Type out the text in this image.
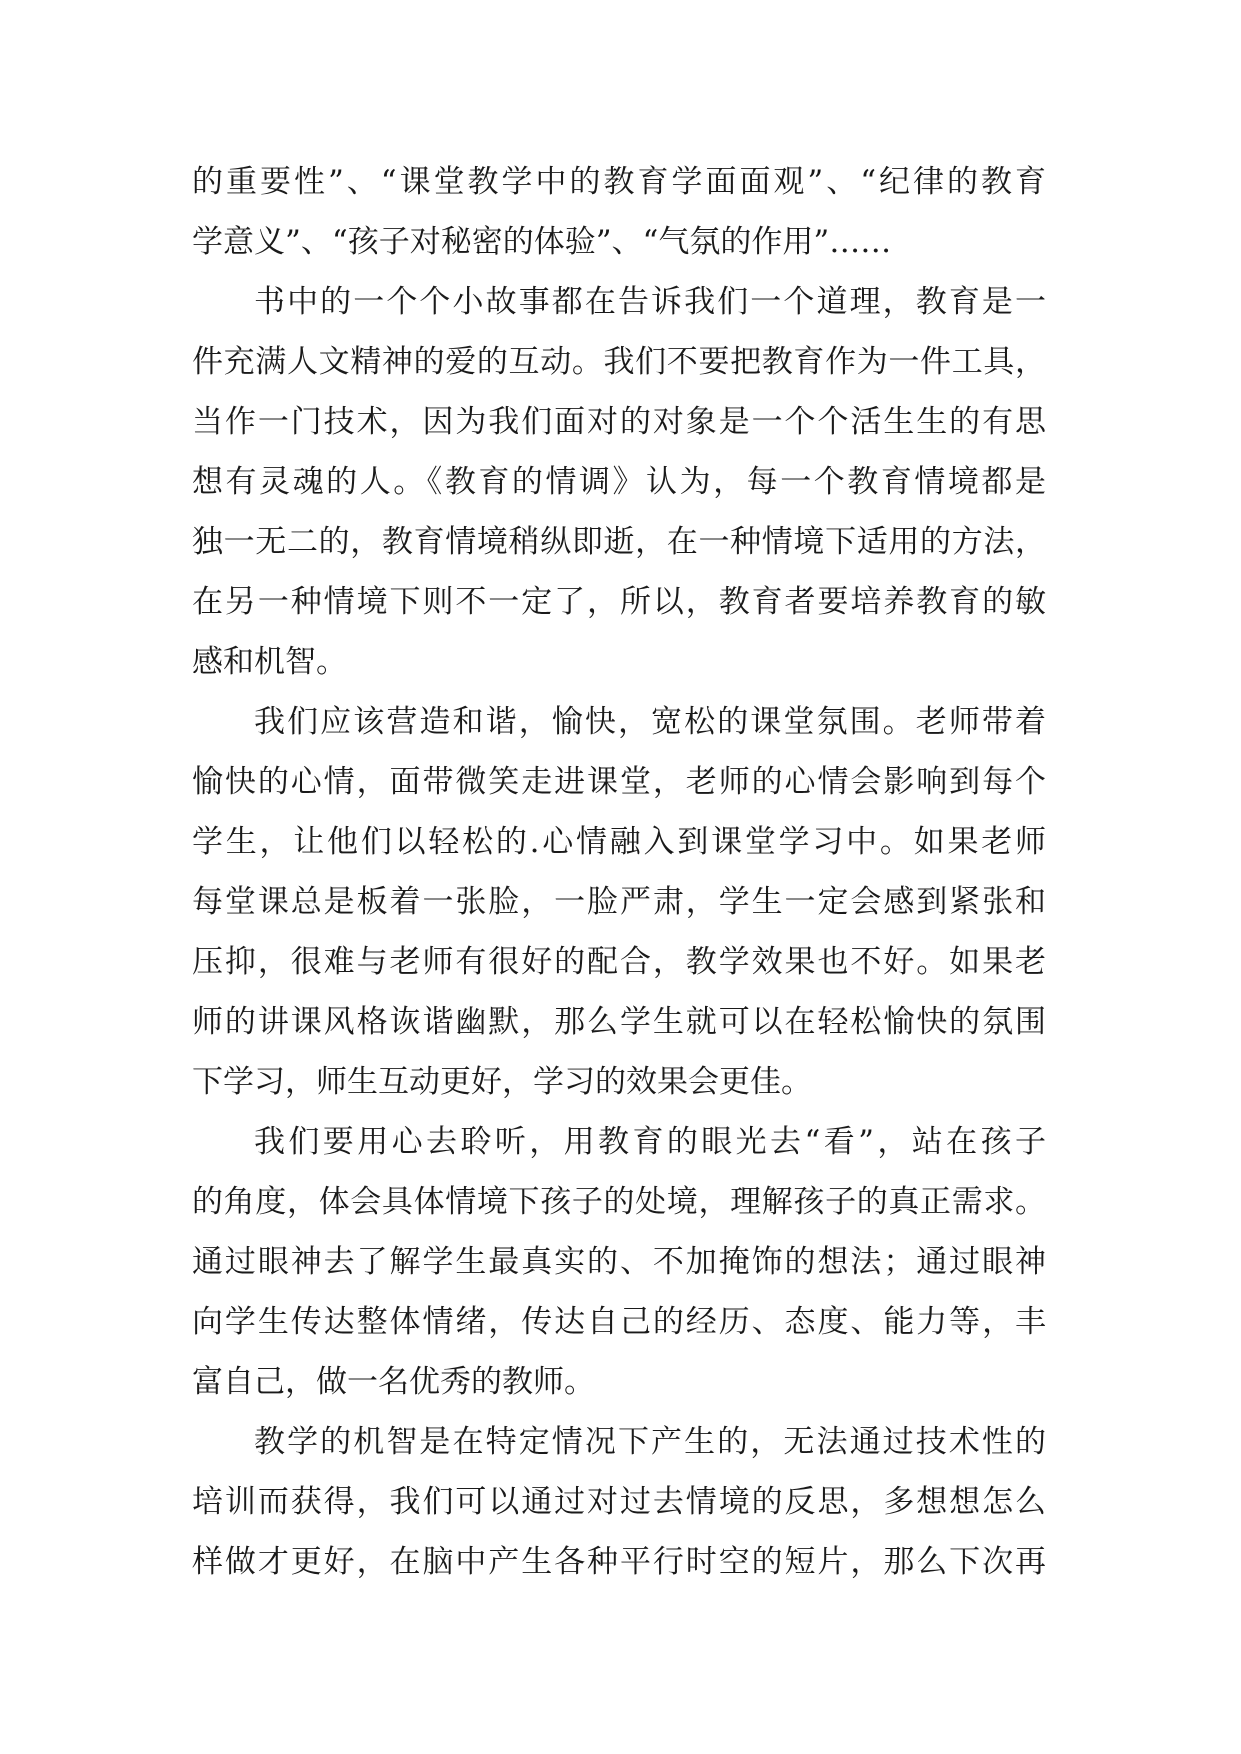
的重要性”、“课堂教学中的教育学面面观”、“纪律的教育
学意义”、“孩子对秘密的体验”、“气氛的作用”……
书中的一个个小故事都在告诉我们一个道理，教育是一
件充满人文精神的爱的互动。我们不要把教育作为一件工具，
当作一门技术，因为我们面对的对象是一个个活生生的有思
想有灵魂的人。《教育的情调》认为，每一个教育情境都是
独一无二的，教育情境稍纵即逝，在一种情境下适用的方法，
在另一种情境下则不一定了，所以，教育者要培养教育的敏
感和机智。
我们应该营造和谐，愉快，宽松的课堂氛围。老师带着
愉快的心情，面带微笑走进课堂，老师的心情会影响到每个
学生，让他们以轻松的.心情融入到课堂学习中。如果老师
每堂课总是板着一张脸，一脸严肃，学生一定会感到紧张和
压抑，很难与老师有很好的配合，教学效果也不好。如果老
师的讲课风格诙谐幽默，那么学生就可以在轻松愉快的氛围
下学习，师生互动更好，学习的效果会更佳。
我们要用心去聆听，用教育的眼光去“看”，站在孩子
的角度，体会具体情境下孩子的处境，理解孩子的真正需求。
通过眼神去了解学生最真实的、不加掩饰的想法；通过眼神
向学生传达整体情绪，传达自己的经历、态度、能力等，丰
富自己，做一名优秀的教师。
教学的机智是在特定情况下产生的，无法通过技术性的
培训而获得，我们可以通过对过去情境的反思，多想想怎么
样做才更好，在脑中产生各种平行时空的短片，那么下次再
